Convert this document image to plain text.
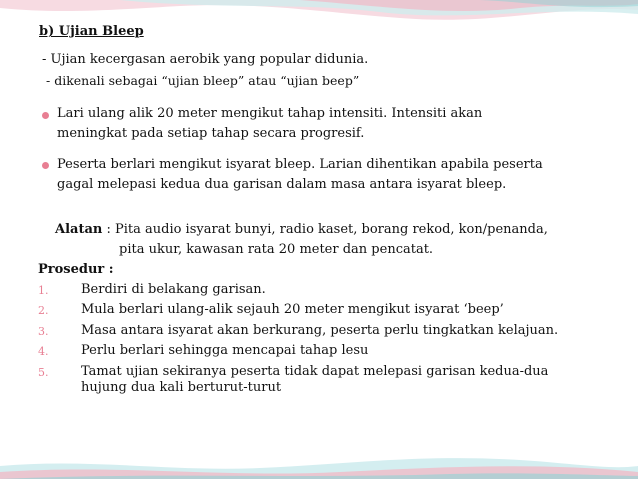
b) Ujian Bleep
- Ujian kecergasan aerobik yang popular didunia.
- dikenali sebagai “ujian bleep” atau “ujian beep”
Lari ulang alik 20 meter mengikut tahap intensiti. Intensiti akan
meningkat pada setiap tahap secara progresif.
Peserta berlari mengikut isyarat bleep. Larian dihentikan apabila peserta
gagal melepasi kedua dua garisan dalam masa antara isyarat bleep.
Alatan : Pita audio isyarat bunyi, radio kaset, borang rekod, kon/penanda,
pita ukur, kawasan rata 20 meter dan pencatat.
Prosedur :
1.	Berdiri di belakang garisan.
2.	Mula berlari ulang-alik sejauh 20 meter mengikut isyarat ‘beep’
3.	Masa antara isyarat akan berkurang, peserta perlu tingkatkan kelajuan.
4.	Perlu berlari sehingga mencapai tahap lesu
5.	Tamat ujian sekiranya peserta tidak dapat melepasi garisan kedua-dua
hujung dua kali berturut-turut
